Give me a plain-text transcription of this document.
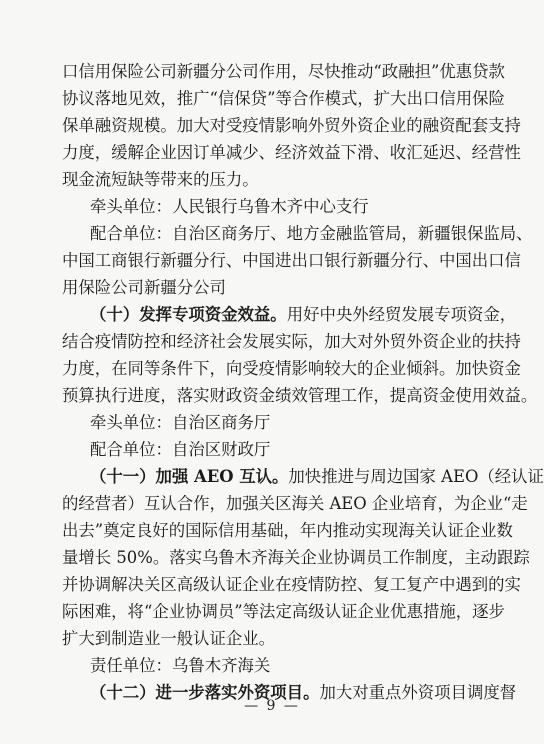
口信用保险公司新疆分公司作用，尽快推动“政融担”优惠贷款
协议落地见效，推广“信保贷”等合作模式，扩大出口信用保险
保单融资规模。加大对受疫情影响外贸外资企业的融资配套支持
力度，缓解企业因订单减少、经济效益下滑、收汇延迟、经营性
现金流短缺等带来的压力。
牵头单位：人民银行乌鲁木齐中心支行
配合单位：自治区商务厅、地方金融监管局，新疆银保监局、
中国工商银行新疆分行、中国进出口银行新疆分行、中国出口信
用保险公司新疆分公司
（十）发挥专项资金效益。用好中央外经贸发展专项资金，
结合疫情防控和经济社会发展实际，加大对外贸外资企业的扶持
力度，在同等条件下，向受疫情影响较大的企业倾斜。加快资金
预算执行进度，落实财政资金绩效管理工作，提高资金使用效益。
牵头单位：自治区商务厅
配合单位：自治区财政厅
（十一）加强 AEO 互认。加快推进与周边国家 AEO（经认证
的经营者）互认合作，加强关区海关 AEO 企业培育，为企业“走
出去”奠定良好的国际信用基础，年内推动实现海关认证企业数
量增长 50%。落实乌鲁木齐海关企业协调员工作制度，主动跟踪
并协调解决关区高级认证企业在疫情防控、复工复产中遇到的实
际困难，将“企业协调员”等法定高级认证企业优惠措施，逐步
扩大到制造业一般认证企业。
责任单位：乌鲁木齐海关
（十二）进一步落实外资项目。加大对重点外资项目调度督
— 9 —
